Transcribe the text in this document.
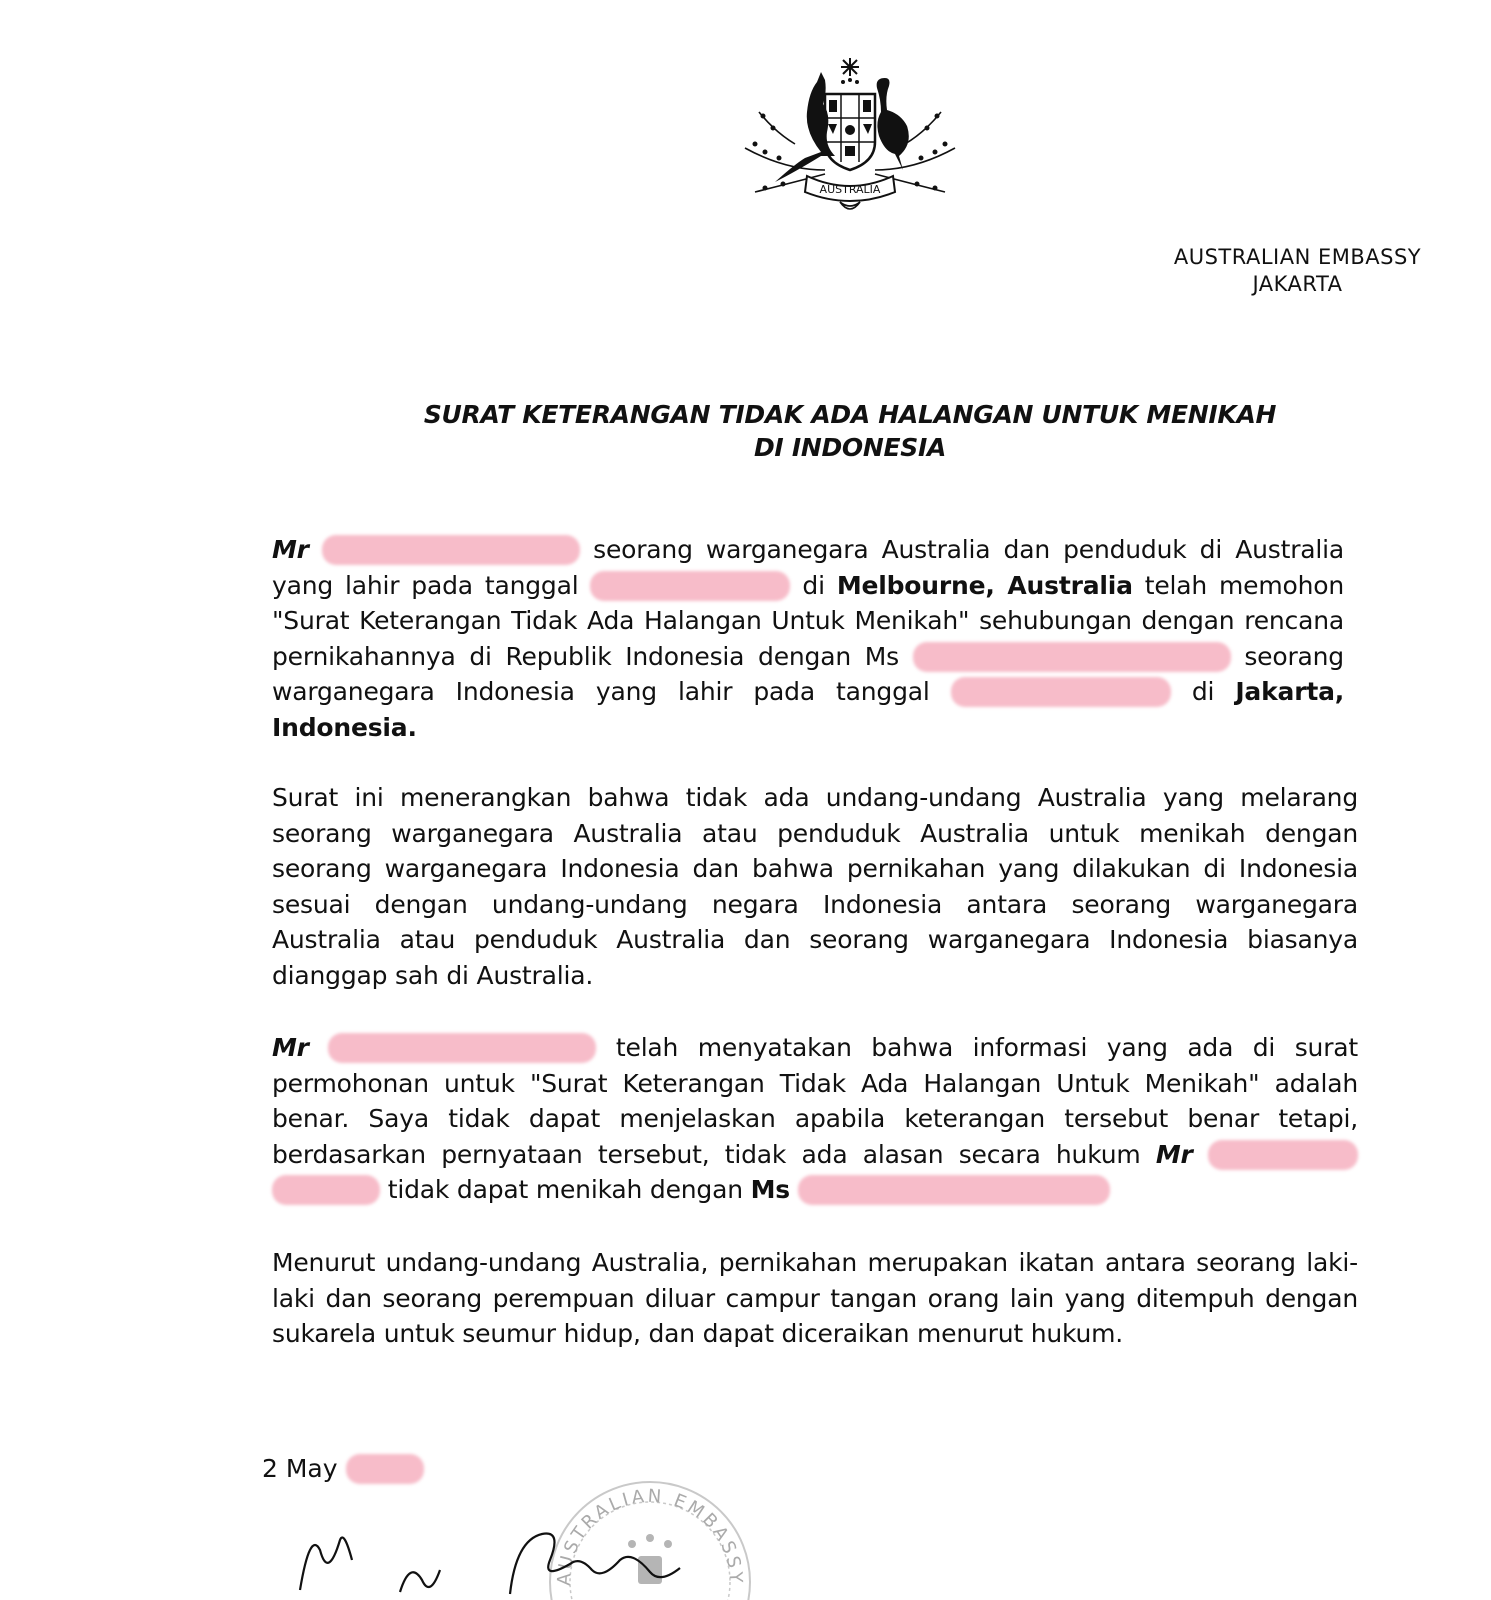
AUSTRALIA
AUSTRALIAN EMBASSY
JAKARTA
SURAT KETERANGAN TIDAK ADA HALANGAN UNTUK MENIKAH
DI INDONESIA
Mr	seorang warganegara Australia dan penduduk di Australia yang lahir pada tanggal	di Melbourne, Australia telah memohon "Surat Keterangan Tidak Ada Halangan Untuk Menikah" sehubungan dengan rencana pernikahannya di Republik Indonesia dengan Ms	seorang warganegara Indonesia yang lahir pada tanggal	di Jakarta, Indonesia.
Surat ini menerangkan bahwa tidak ada undang-undang Australia yang melarang seorang warganegara Australia atau penduduk Australia untuk menikah dengan seorang warganegara Indonesia dan bahwa pernikahan yang dilakukan di Indonesia sesuai dengan undang-undang negara Indonesia antara seorang warganegara Australia atau penduduk Australia dan seorang warganegara Indonesia biasanya dianggap sah di Australia.
Mr	telah menyatakan bahwa informasi yang ada di surat permohonan untuk "Surat Keterangan Tidak Ada Halangan Untuk Menikah" adalah benar. Saya tidak dapat menjelaskan apabila keterangan tersebut benar tetapi, berdasarkan pernyataan tersebut, tidak ada alasan secara hukum Mr   tidak dapat menikah dengan Ms
Menurut undang-undang Australia, pernikahan merupakan ikatan antara seorang laki-laki dan seorang perempuan diluar campur tangan orang lain yang ditempuh dengan sukarela untuk seumur hidup, dan dapat diceraikan menurut hukum.
2 May
AUSTRALIAN EMBASSY
